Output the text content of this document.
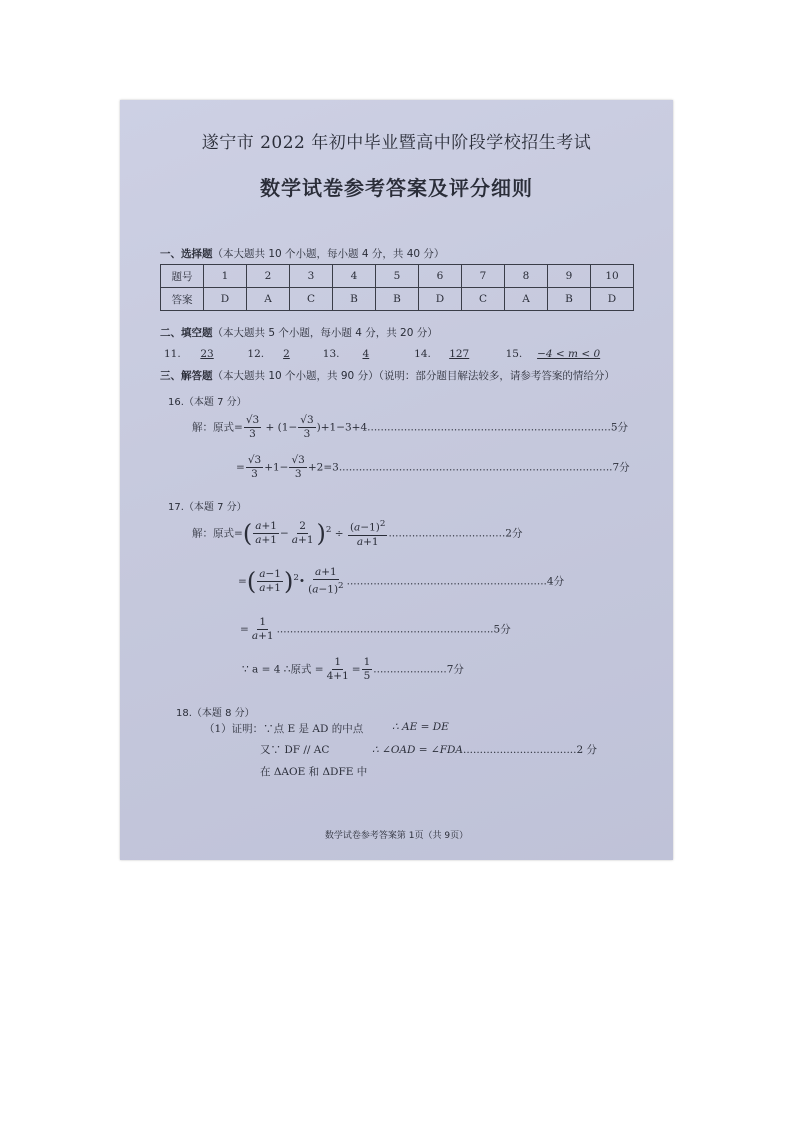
遂宁市 2022 年初中毕业暨高中阶段学校招生考试
数学试卷参考答案及评分细则
一、选择题（本大题共 10 个小题，每小题 4 分，共 40 分）
题号	1	2	3	4	5	6	7	8	9	10
答案	D	A	C	B	B	D	C	A	B	D
二、填空题（本大题共 5 个小题，每小题 4 分，共 20 分）
11. 23	12. 2	13. 4	14. 127	15. −4 < m < 0
三、解答题（本大题共 10 个小题，共 90 分）（说明：部分题目解法较多，请参考答案的情给分）
16.（本题 7 分）
解：原式= $\frac{√3}{3} + (1- \frac{√3}{3} )+1-3+4.........................................................................5$分
= $\frac{√3}{3} +1- \frac{√3}{3} +2=3..................................................................................7$分
17.（本题 7 分）
解：原式=( $\frac{a+1}{a+1} - \frac{2}{a+1} )^2 \div \frac{(a-1)^2}{a+1} ...................................2$分
=( $\frac{a-1}{a+1}$ )$^2$• $\frac{a+1}{(a-1)^2} ............................................................4$分
= $\frac{1}{a+1} .................................................................5$分
∵ a = 4 ∴原式 = $\frac{1}{4+1} = \frac{1}{5} ......................7$分
18.（本题 8 分）
（1）证明：∵点 E 是 AD 的中点	∴ AE = DE
又∵ DF // AC	∴ ∠OAD = ∠FDA..................................2 分
在 ΔAOE 和 ΔDFE 中
数学试卷参考答案第 1页（共 9页）
